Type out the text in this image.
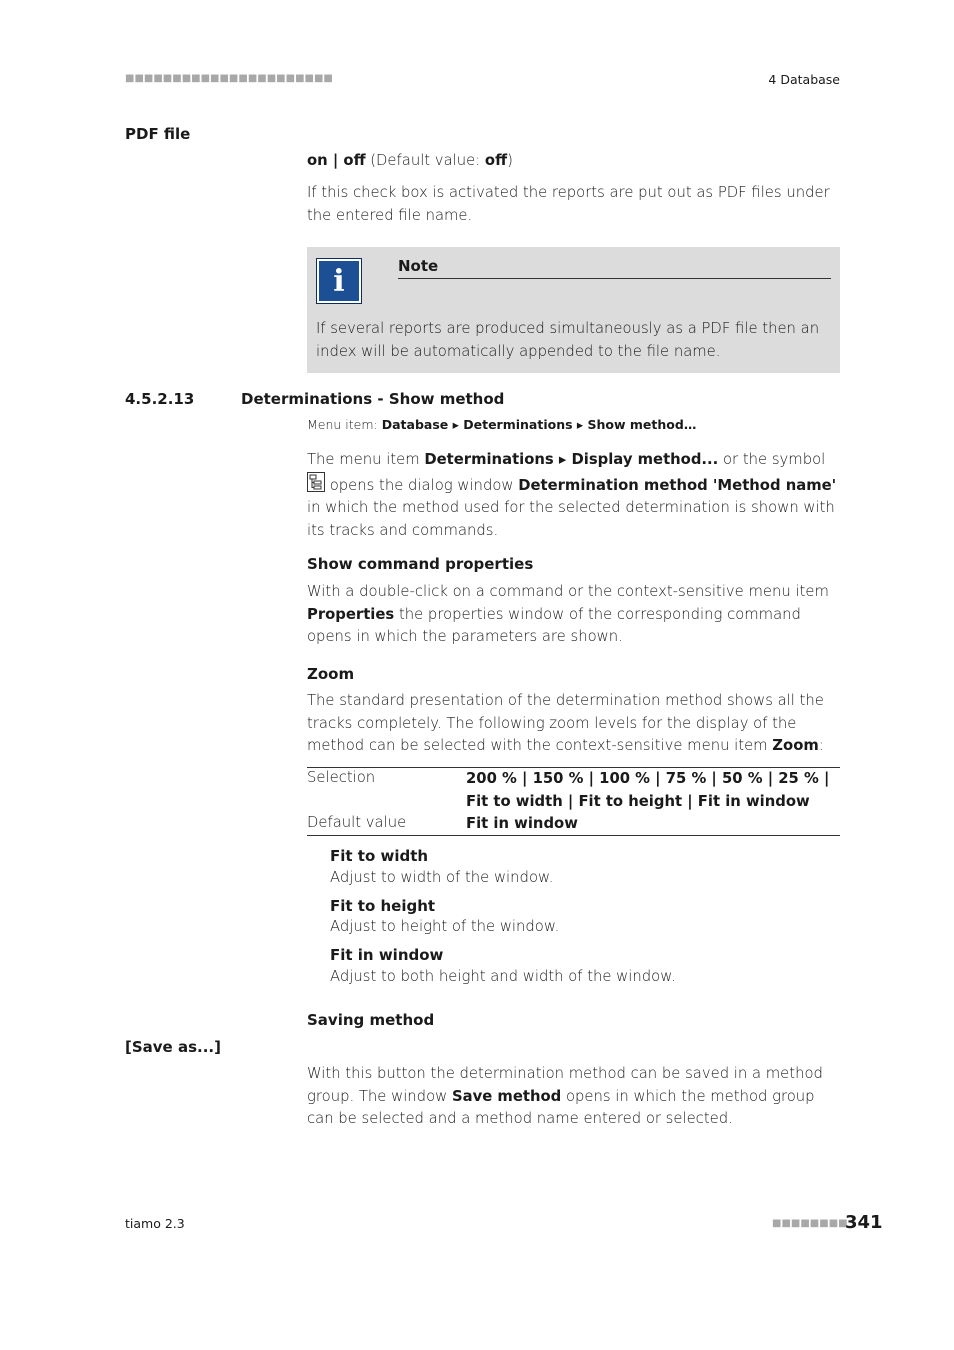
■■■■■■■■■■■■■■■■■■■■■■	4 Database
PDF file
on | off (Default value: off)
If this check box is activated the reports are put out as PDF files under the entered file name.
i	Note
If several reports are produced simultaneously as a PDF file then an index will be automatically appended to the file name.
4.5.2.13	Determinations - Show method
Menu item: Database ▸ Determinations ▸ Show method…
The menu item Determinations ▸ Display method... or the symbol
opens the dialog window Determination method 'Method name' in which the method used for the selected determination is shown with its tracks and commands.
Show command properties
With a double-click on a command or the context-sensitive menu item Properties the properties window of the corresponding command opens in which the parameters are shown.
Zoom
The standard presentation of the determination method shows all the tracks completely. The following zoom levels for the display of the method can be selected with the context-sensitive menu item Zoom:
Selection	200 % | 150 % | 100 % | 75 % | 50 % | 25 % |
Fit to width | Fit to height | Fit in window
Default value	Fit in window
Fit to width
Adjust to width of the window.
Fit to height
Adjust to height of the window.
Fit in window
Adjust to both height and width of the window.
Saving method
[Save as...]
With this button the determination method can be saved in a method group. The window Save method opens in which the method group can be selected and a method name entered or selected.
tiamo 2.3	■■■■■■■■
341
